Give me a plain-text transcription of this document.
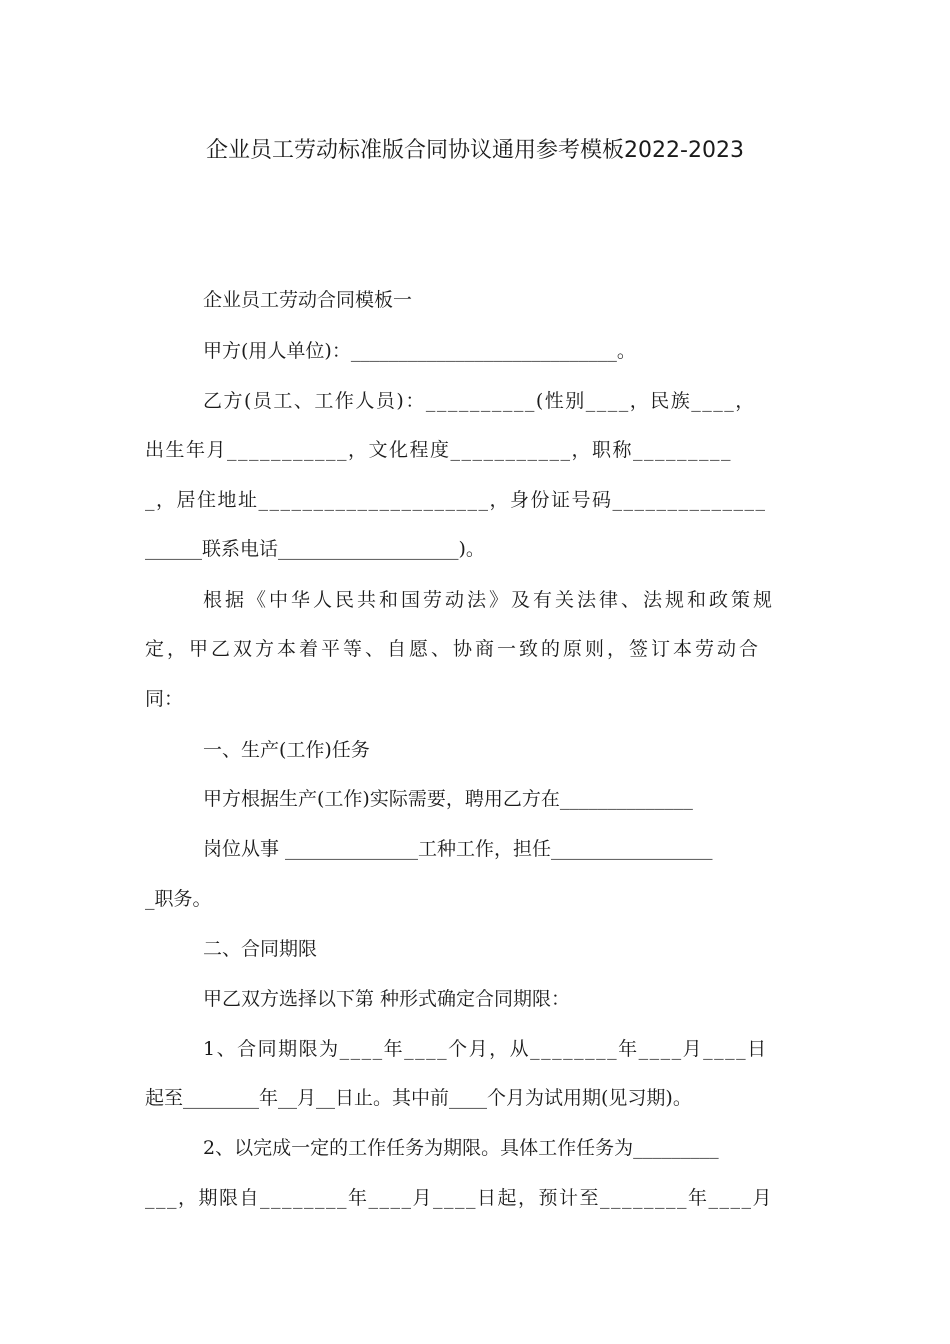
企业员工劳动标准版合同协议通用参考模板2022-2023
企业员工劳动合同模板一
甲方(用人单位)：____________________________。
乙方(员工、工作人员)：__________(性别____，民族____，
出生年月___________，文化程度___________，职称_________
_，居住地址_____________________，身份证号码______________
______联系电话___________________)。
根据《中华人民共和国劳动法》及有关法律、法规和政策规
定，甲乙双方本着平等、自愿、协商一致的原则，签订本劳动合
同：
一、生产(工作)任务
甲方根据生产(工作)实际需要，聘用乙方在______________
岗位从事 ______________工种工作，担任_________________
_职务。
二、合同期限
甲乙双方选择以下第 种形式确定合同期限：
1、合同期限为____年____个月，从________年____月____日
起至________年__月__日止。其中前____个月为试用期(见习期)。
2、以完成一定的工作任务为期限。具体工作任务为_________
___，期限自________年____月____日起，预计至________年____月
